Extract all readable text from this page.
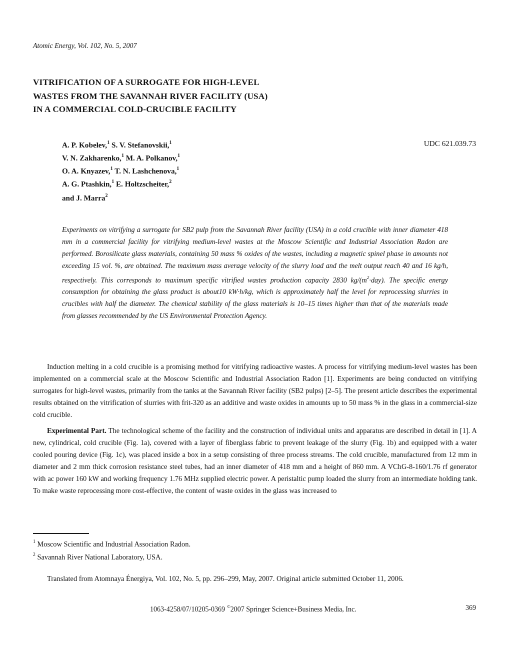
Atomic Energy, Vol. 102, No. 5, 2007
VITRIFICATION OF A SURROGATE FOR HIGH-LEVEL
WASTES FROM THE SAVANNAH RIVER FACILITY (USA)
IN A COMMERCIAL COLD-CRUCIBLE FACILITY
A. P. Kobelev,$^1$ S. V. Stefanovskii,$^1$
V. N. Zakharenko,$^1$ M. A. Polkanov,$^1$
O. A. Knyazev,$^1$ T. N. Lashchenova,$^1$
A. G. Ptashkin,$^1$ E. Holtzscheiter,$^2$
and J. Marra$^2$
UDC 621.039.73
Experiments on vitrifying a surrogate for SB2 pulp from the Savannah River facility (USA) in a cold crucible with inner diameter 418 mm in a commercial facility for vitrifying medium-level wastes at the Moscow Scientific and Industrial Association Radon are performed. Borosilicate glass materials, containing 50 mass % oxides of the wastes, including a magnetic spinel phase in amounts not exceeding 15 vol. %, are obtained. The maximum mass average velocity of the slurry load and the melt output reach 40 and 16 kg/h, respectively. This corresponds to maximum specific vitrified wastes production capacity 2830 $kg/(m^2\cdot day)$. The specific energy consumption for obtaining the glass product is about10 kW·h/kg, which is approximately half the level for reprocessing slurries in crucibles with half the diameter. The chemical stability of the glass materials is 10–15 times higher than that of the materials made from glasses recommended by the US Environmental Protection Agency.

Induction melting in a cold crucible is a promising method for vitrifying radioactive wastes. A process for vitrifying medium-level wastes has been implemented on a commercial scale at the Moscow Scientific and Industrial Association Radon [1]. Experiments are being conducted on vitrifying surrogates for high-level wastes, primarily from the tanks at the Savannah River facility (SB2 pulps) [2–5]. The present article describes the experimental results obtained on the vitrification of slurries with frit-320 as an additive and waste oxides in amounts up to 50 mass % in the glass in a commercial-size cold crucible.

Experimental Part. The technological scheme of the facility and the construction of individual units and apparatus are described in detail in [1]. A new, cylindrical, cold crucible (Fig. 1a), covered with a layer of fiberglass fabric to prevent leakage of the slurry (Fig. 1b) and equipped with a water cooled pouring device (Fig. 1c), was placed inside a box in a setup consisting of three process streams. The cold crucible, manufactured from 12 mm in diameter and 2 mm thick corrosion resistance steel tubes, had an inner diameter of 418 mm and a height of 860 mm. A VChG-8-160/1.76 rf generator with ac power 160 kW and working frequency 1.76 MHz supplied electric power. A peristaltic pump loaded the slurry from an intermediate holding tank. To make waste reprocessing more cost-effective, the content of waste oxides in the glass was increased to

$^1$ Moscow Scientific and Industrial Association Radon.
$^2$ Savannah River National Laboratory, USA.
Translated from Atomnaya Énergiya, Vol. 102, No. 5, pp. 296–299, May, 2007. Original article submitted October 11, 2006.
1063-4258/07/10205-0369 ©2007 Springer Science+Business Media, Inc.	369
